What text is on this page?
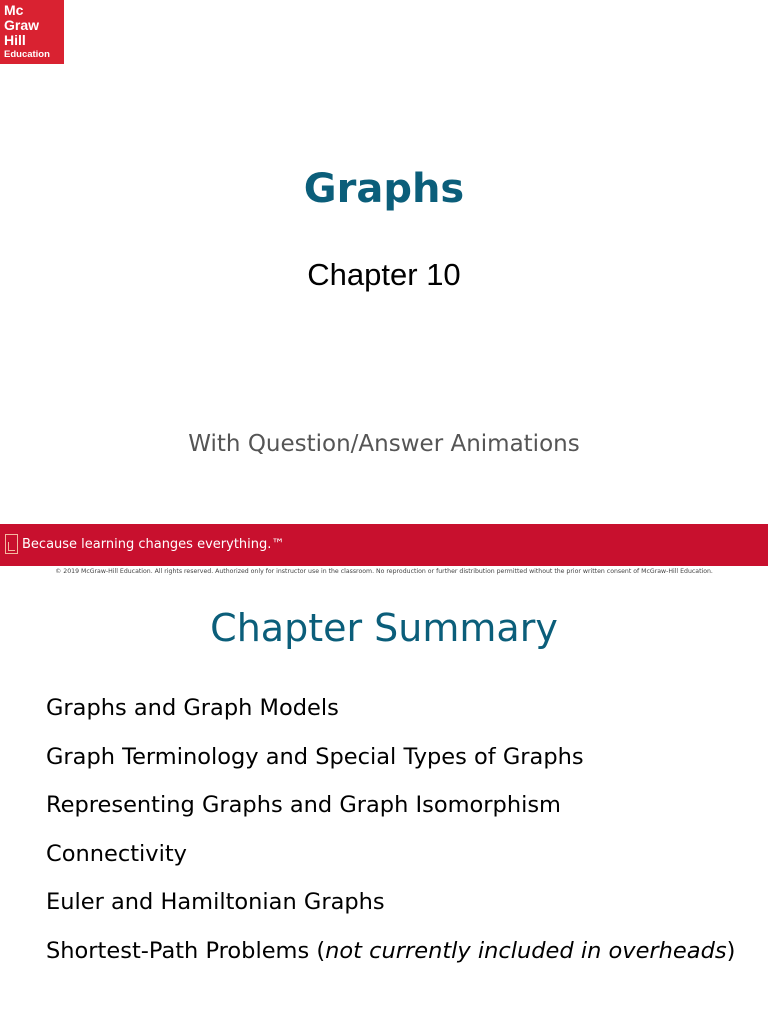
Mc
Graw
Hill
Education
Graphs
Chapter 10
With Question/Answer Animations
Because learning changes everything.™
© 2019 McGraw-Hill Education. All rights reserved. Authorized only for instructor use in the classroom. No reproduction or further distribution permitted without the prior written consent of McGraw-Hill Education.
Chapter Summary
Graphs and Graph Models
Graph Terminology and Special Types of Graphs
Representing Graphs and Graph Isomorphism
Connectivity
Euler and Hamiltonian Graphs
Shortest-Path Problems (not currently included in overheads)
